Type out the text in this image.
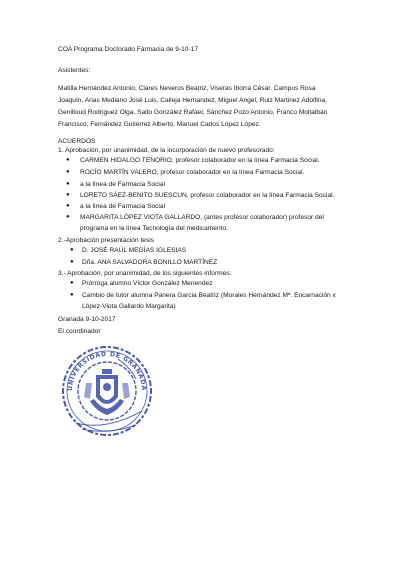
COA Programa Doctorado Farmacia de 9-10-17
Asistentes:
Matilla Hernández Antonio, Clares Neveros Beatriz, Viseras Iborra César, Campos Rosa
Joaquín, Arias Mediano José Luis, Calleja Hernandez, Miguel Angel, Ruiz Martinez Adolfina,
Genilloud Rodriguez Olga, Salto González Rafael, Sánchez Pozo Antonio, Franco Moltalbán
Francisco, Fernández Gutiérrez Alberto, Manuel Carlos López López.
ACUERDOS
1. Aprobación, por unanimidad, de la incorporación de nuevo profesorado:
● CARMEN HIDALGO TENORIO, profesor colaborador en la línea Farmacia Social.
● ROCÍO MARTÍN VALERO, profesor colaborador en la línea Farmacia Social.
● a la línea de Farmacia Social
● LORETO SÁEZ-BENITO SUESCUN, profesor colaborador en la línea Farmacia Social.
● a la línea de Farmacia Social
● MARGARITA LÓPEZ VIOTA GALLARDO, (antes profesor colaborador) profesor del
programa en la línea Tecnología del medicamento.
2.-Aprobación presentación tesis
● D. JOSÉ RAÚL MEGÍAS IGLESIAS
● Dña. ANA SALVADORA BONILLO MARTÍNEZ
3.- Aprobación, por unanimidad, de los siguientes informes:
● Prórroga alumno Víctor González Menendez
● Cambio de tutor alumna Panera Garcia Beatriz (Morales Hernández Mª. Encarnación x
López-Viota Gallardo Margarita)
Granada 9-10-2017
El coordinador
UNIVERSIDAD DE GRANADA
